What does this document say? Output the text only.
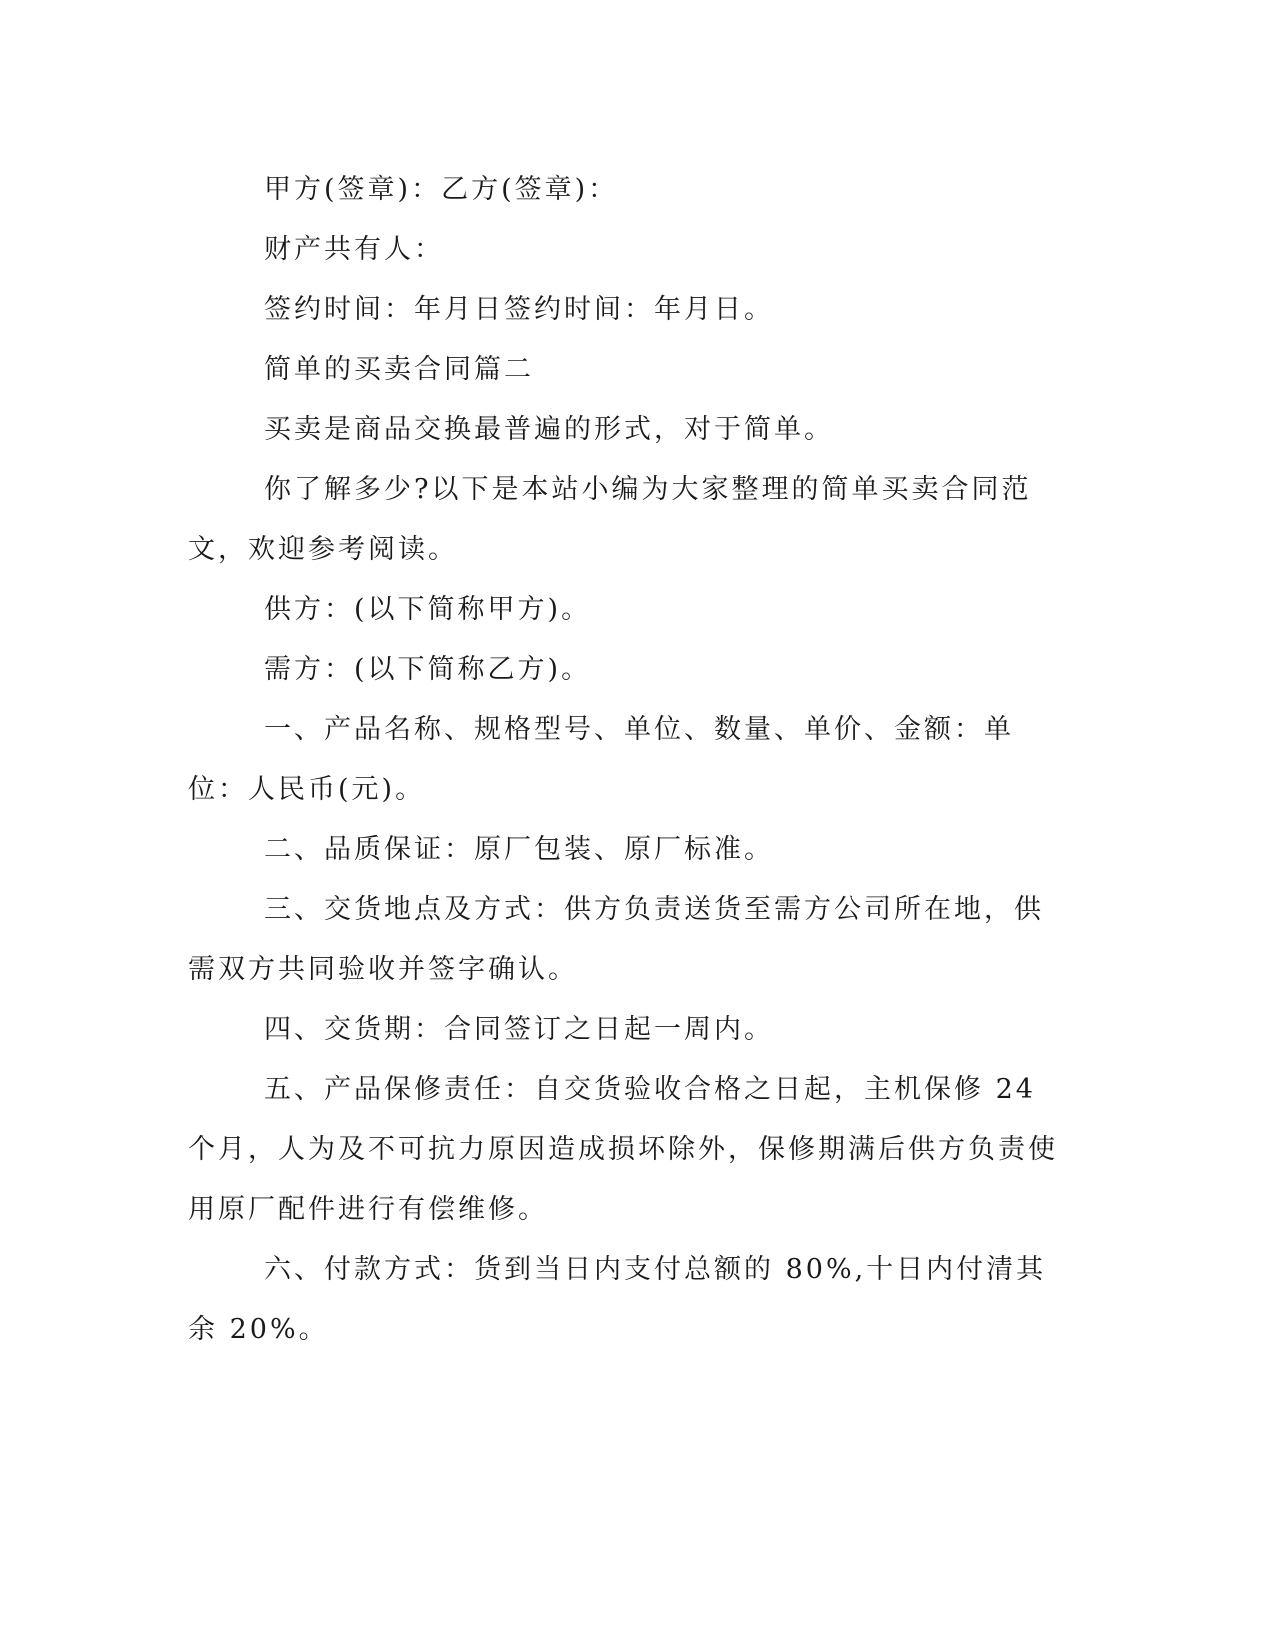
甲方(签章)：乙方(签章)：

财产共有人：

签约时间：年月日签约时间：年月日。

简单的买卖合同篇二

买卖是商品交换最普遍的形式，对于简单。

你了解多少?以下是本站小编为大家整理的简单买卖合同范文，欢迎参考阅读。

供方：(以下简称甲方)。

需方：(以下简称乙方)。

一、产品名称、规格型号、单位、数量、单价、金额：单位：人民币(元)。

二、品质保证：原厂包装、原厂标准。

三、交货地点及方式：供方负责送货至需方公司所在地，供需双方共同验收并签字确认。

四、交货期：合同签订之日起一周内。

五、产品保修责任：自交货验收合格之日起，主机保修 24 个月，人为及不可抗力原因造成损坏除外，保修期满后供方负责使用原厂配件进行有偿维修。

六、付款方式：货到当日内支付总额的 80%,十日内付清其余 20%。
